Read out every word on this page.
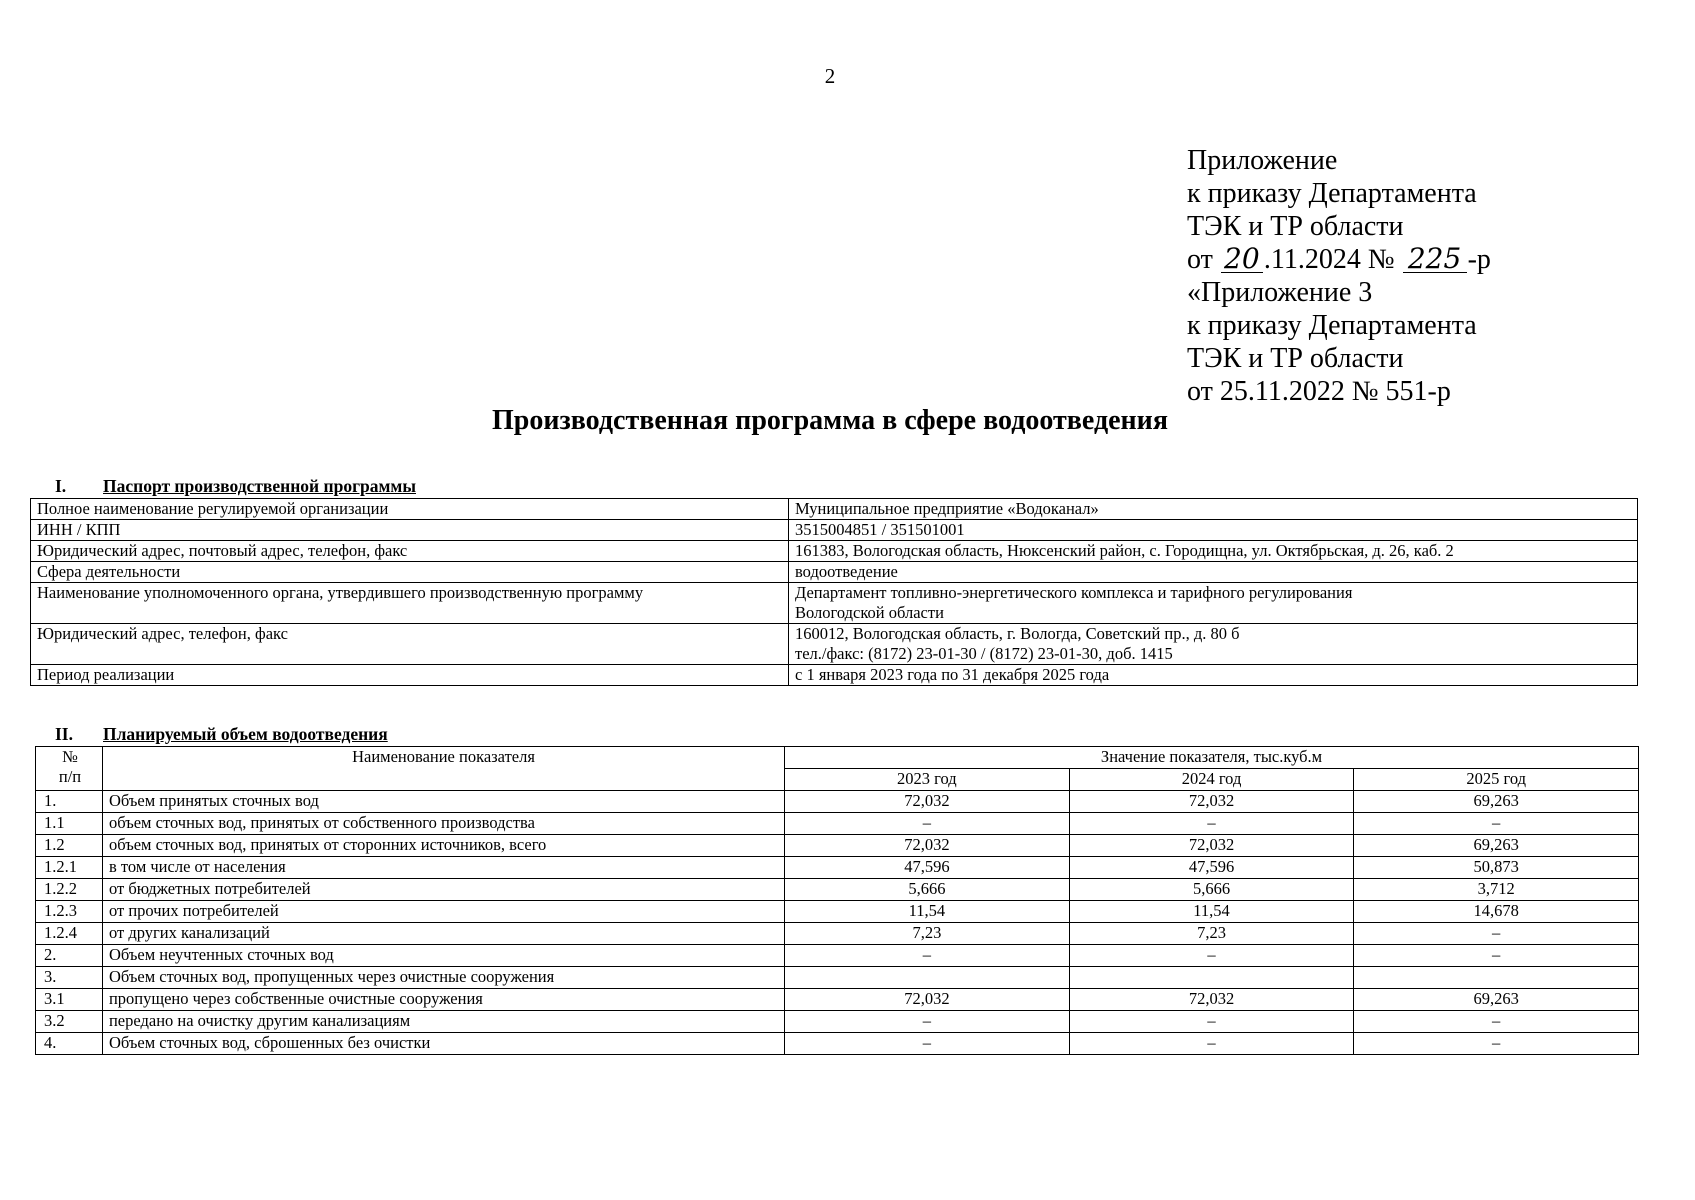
2
Приложение
к приказу Департамента
ТЭК и ТР области
от 20 .11.2024 № 225 -р
«Приложение 3
к приказу Департамента
ТЭК и ТР области
от 25.11.2022 № 551-р
Производственная программа в сфере водоотведения
I. Паспорт производственной программы
Полное наименование регулируемой организации	Муниципальное предприятие «Водоканал»
ИНН / КПП	3515004851 / 351501001
Юридический адрес, почтовый адрес, телефон, факс	161383, Вологодская область, Нюксенский район, с. Городищна, ул. Октябрьская, д. 26, каб. 2
Сфера деятельности	водоотведение
Наименование уполномоченного органа, утвердившего производственную программу	Департамент топливно-энергетического комплекса и тарифного регулирования
Вологодской области

Юридический адрес, телефон, факс	160012, Вологодская область, г. Вологда, Советский пр., д. 80 б
тел./факс: (8172) 23-01-30 / (8172) 23-01-30, доб. 1415

Период реализации	с 1 января 2023 года по 31 декабря 2025 года
II. Планируемый объем водоотведения
№
п/п	Наименование показателя	Значение показателя, тыс.куб.м		
		2023 год	2024 год	2025 год
1.	Объем принятых сточных вод	72,032	72,032	69,263
1.1	объем сточных вод, принятых от собственного производства	–	–	–
1.2	объем сточных вод, принятых от сторонних источников, всего	72,032	72,032	69,263
1.2.1	в том числе от населения	47,596	47,596	50,873
1.2.2	от бюджетных потребителей	5,666	5,666	3,712
1.2.3	от прочих потребителей	11,54	11,54	14,678
1.2.4	от других канализаций	7,23	7,23	–
2.	Объем неучтенных сточных вод	–	–	–
3.	Объем сточных вод, пропущенных через очистные сооружения			
3.1	пропущено через собственные очистные сооружения	72,032	72,032	69,263
3.2	передано на очистку другим канализациям	–	–	–
4.	Объем сточных вод, сброшенных без очистки	–	–	–
